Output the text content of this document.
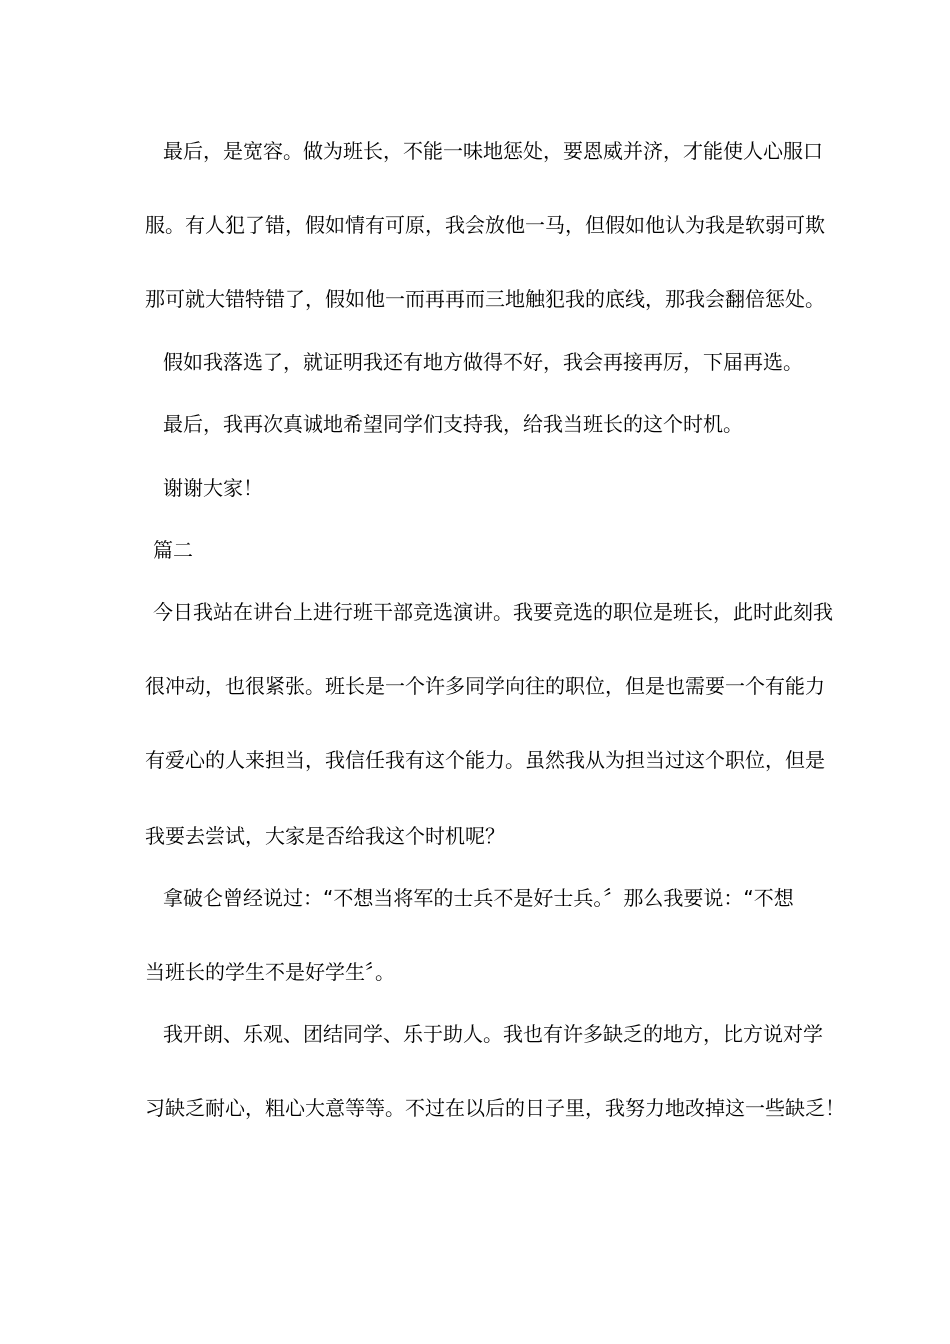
最后，是宽容。做为班长，不能一味地惩处，要恩威并济，才能使人心服口
服。有人犯了错，假如情有可原，我会放他一马，但假如他认为我是软弱可欺
那可就大错特错了，假如他一而再再而三地触犯我的底线，那我会翻倍惩处。
假如我落选了，就证明我还有地方做得不好，我会再接再厉，下届再选。
最后，我再次真诚地希望同学们支持我，给我当班长的这个时机。
谢谢大家！
篇二
今日我站在讲台上进行班干部竞选演讲。我要竞选的职位是班长，此时此刻我
很冲动，也很紧张。班长是一个许多同学向往的职位，但是也需要一个有能力
有爱心的人来担当，我信任我有这个能力。虽然我从为担当过这个职位，但是
我要去尝试，大家是否给我这个时机呢？
拿破仑曾经说过：“不想当将军的士兵不是好士兵。〞那么我要说：“不想
当班长的学生不是好学生〞。
我开朗、乐观、团结同学、乐于助人。我也有许多缺乏的地方，比方说对学
习缺乏耐心，粗心大意等等。不过在以后的日子里，我努力地改掉这一些缺乏！
